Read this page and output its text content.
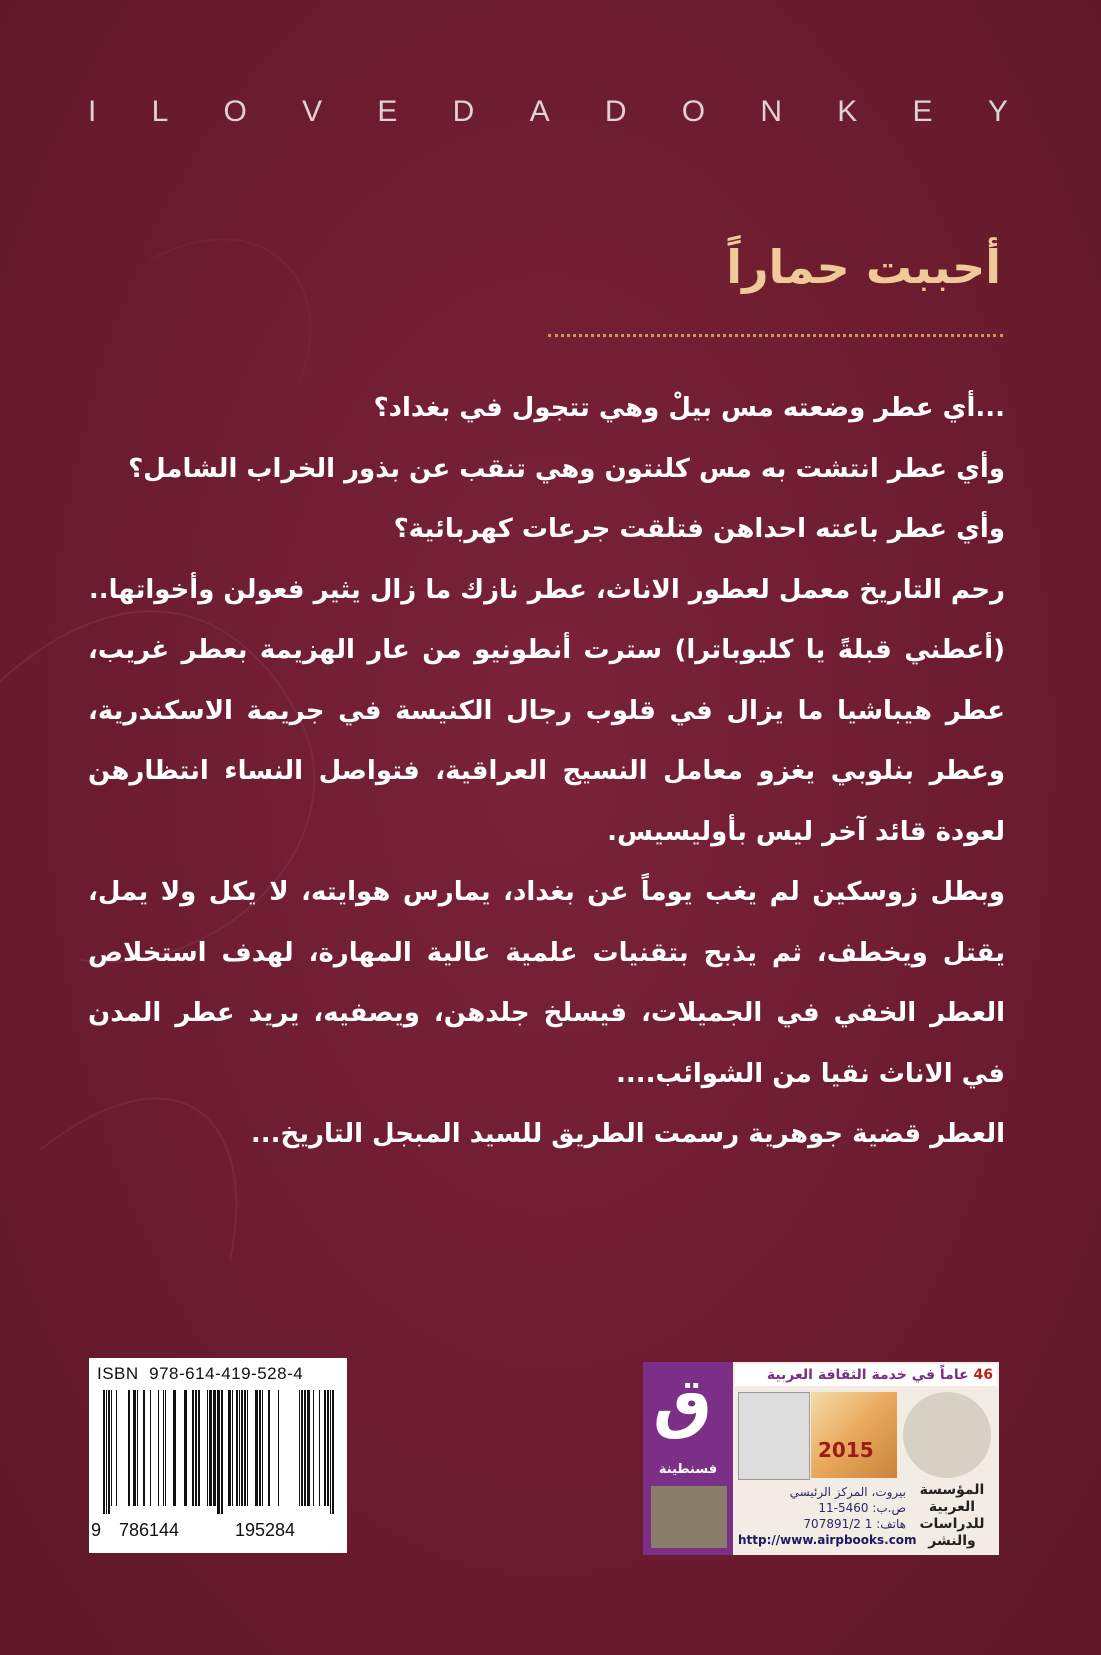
I L O V E D A D O N K E Y
أحببت حماراً

...أي عطر وضعته مس بيلْ وهي تتجول في بغداد؟

وأي عطر انتشت به مس كلنتون وهي تنقب عن بذور الخراب الشامل؟

وأي عطر باعته احداهن فتلقت جرعات كهربائية؟

رحم التاريخ معمل لعطور الاناث، عطر نازك ما زال يثير فعولن وأخواتها..

(أعطني قبلةً يا كليوباترا) سترت أنطونيو من عار الهزيمة بعطر غريب، عطر هيباشيا ما يزال في قلوب رجال الكنيسة في جريمة الاسكندرية، وعطر بنلوبي يغزو معامل النسيج العراقية، فتواصل النساء انتظارهن لعودة قائد آخر ليس بأوليسيس.

وبطل زوسكين لم يغب يوماً عن بغداد، يمارس هوايته، لا يكل ولا يمل، يقتل ويخطف، ثم يذبح بتقنيات علمية عالية المهارة، لهدف استخلاص العطر الخفي في الجميلات، فيسلخ جلدهن، ويصفيه، يريد عطر المدن في الاناث نقيا من الشوائب....

العطر قضية جوهرية رسمت الطريق للسيد المبجل التاريخ...

ISBN 978-614-419-528-4
9 786144	195284
ق
فسنطينة
46 عاماً في خدمة الثقافة العربية
2015
بيروت، المركز الرئيسي
ص.ب: 5460-11
هاتف: 1 707891/2
http://www.airpbooks.com
المؤسسة العربية للدراسات والنشر
